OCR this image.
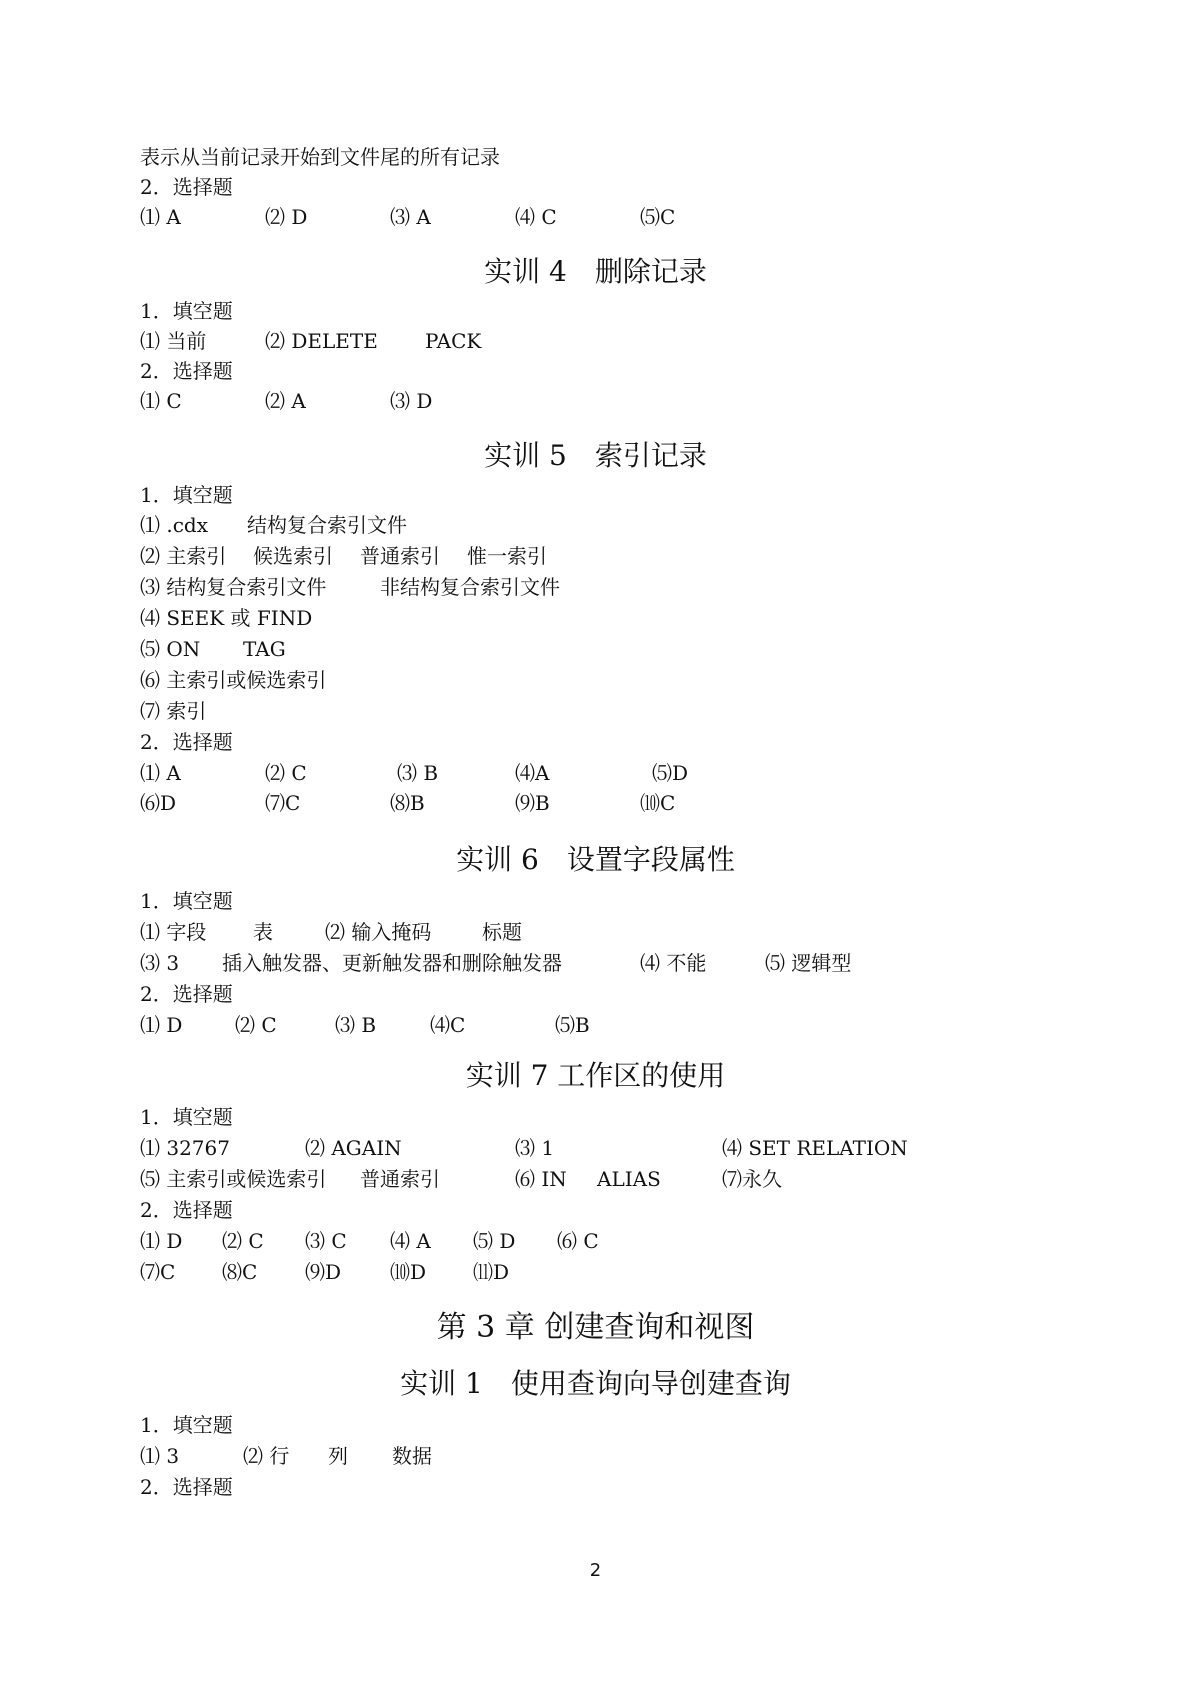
表示从当前记录开始到文件尾的所有记录
2．选择题
⑴ A	⑵ D	⑶ A	⑷ C	⑸C
实训 4　删除记录
1．填空题
⑴ 当前	⑵ DELETE PACK
2．选择题
⑴ C	⑵ A	⑶ D
实训 5　索引记录
1．填空题
⑴ .cdx 结构复合索引文件
⑵ 主索引 候选索引 普通索引 惟一索引
⑶ 结构复合索引文件	非结构复合索引文件
⑷ SEEK 或 FIND
⑸ ON TAG
⑹ 主索引或候选索引
⑺ 索引
2．选择题
⑴ A	⑵ C	⑶ B	⑷A	⑸D
⑹D	⑺C	⑻B	⑼B	⑽C
实训 6　设置字段属性
1．填空题
⑴ 字段 表	⑵ 输入掩码	标题
⑶ 3 插入触发器、更新触发器和删除触发器	⑷ 不能	⑸ 逻辑型
2．选择题
⑴ D	⑵ C	⑶ B	⑷C	⑸B
实训 7 工作区的使用
1．填空题
⑴ 32767	⑵ AGAIN	⑶ 1	⑷ SET RELATION
⑸ 主索引或候选索引 普通索引	⑹ IN ALIAS	⑺永久
2．选择题
⑴ D ⑵ C ⑶ C ⑷ A ⑸ D ⑹ C
⑺C ⑻C ⑼D ⑽D ⑾D
第 3 章 创建查询和视图
实训 1　使用查询向导创建查询
1．填空题
⑴ 3	⑵ 行 列 数据
2．选择题
2
